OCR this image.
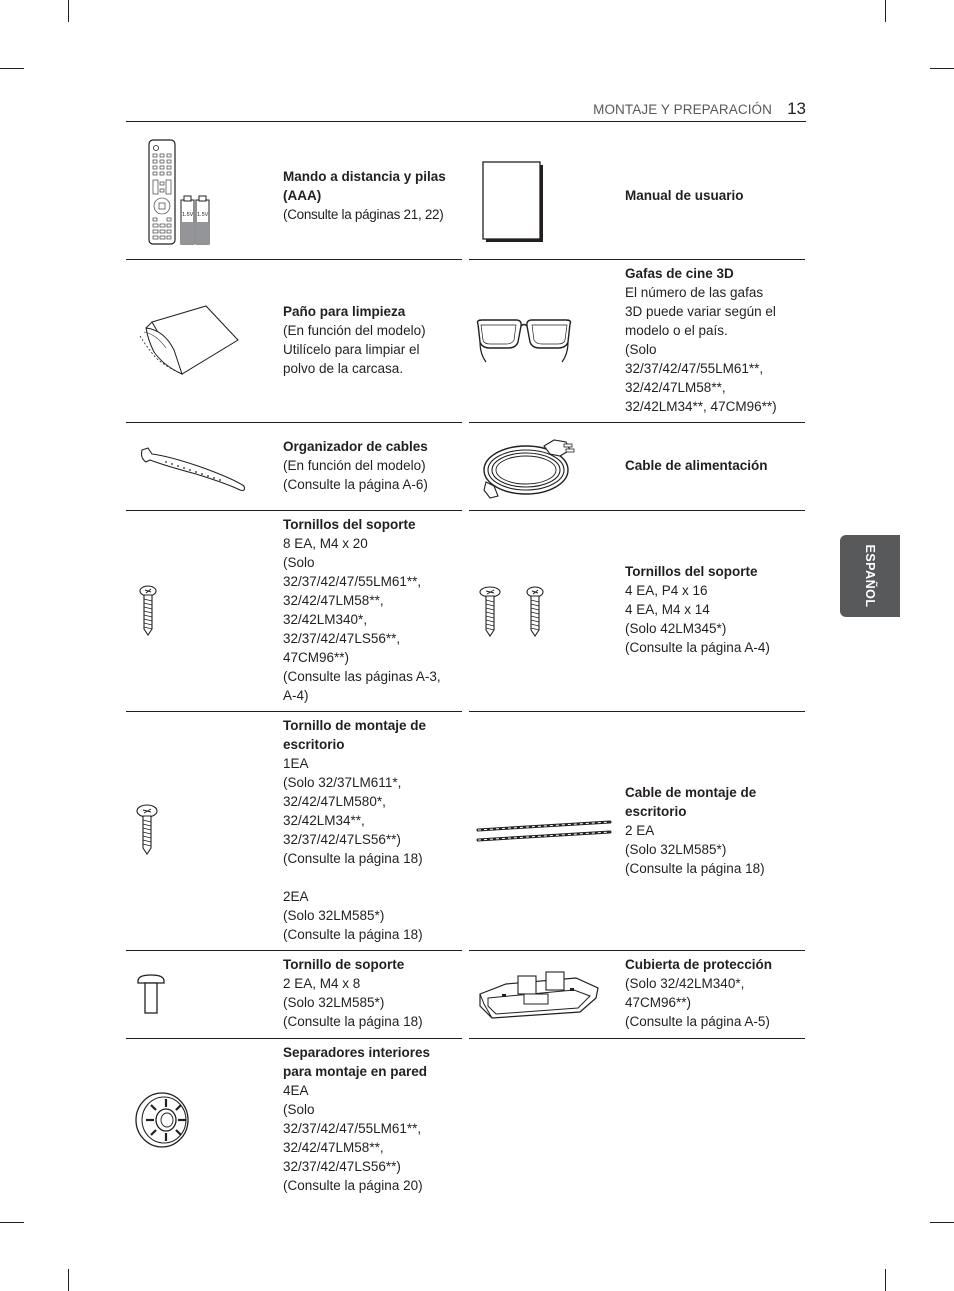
MONTAJE Y PREPARACIÓN 13
ESPAÑOL
1.5V 1.5V
Mando a distancia y pilas
(AAA)
(Consulte la páginas 21, 22)
Manual de usuario
Paño para limpieza
(En función del modelo)
Utilícelo para limpiar el
polvo de la carcasa.
Gafas de cine 3D
El número de las gafas
3D puede variar según el
modelo o el país.
(Solo
32/37/42/47/55LM61**,
32/42/47LM58**,
32/42LM34**, 47CM96**)
Organizador de cables
(En función del modelo)
(Consulte la página A-6)
Cable de alimentación
Tornillos del soporte
8 EA, M4 x 20
(Solo
32/37/42/47/55LM61**,
32/42/47LM58**,
32/42LM340*,
32/37/42/47LS56**,
47CM96**)
(Consulte las páginas A-3,
A-4)
Tornillos del soporte
4 EA, P4 x 16
4 EA, M4 x 14
(Solo 42LM345*)
(Consulte la página A-4)
Tornillo de montaje de
escritorio
1EA
(Solo 32/37LM611*,
32/42/47LM580*,
32/42LM34**,
32/37/42/47LS56**)
(Consulte la página 18)

2EA
(Solo 32LM585*)
(Consulte la página 18)
Cable de montaje de
escritorio
2 EA
(Solo 32LM585*)
(Consulte la página 18)
Tornillo de soporte
2 EA, M4 x 8
(Solo 32LM585*)
(Consulte la página 18)
Cubierta de protección
(Solo 32/42LM340*,
47CM96**)
(Consulte la página A-5)
Separadores interiores
para montaje en pared
4EA
(Solo
32/37/42/47/55LM61**,
32/42/47LM58**,
32/37/42/47LS56**)
(Consulte la página 20)
